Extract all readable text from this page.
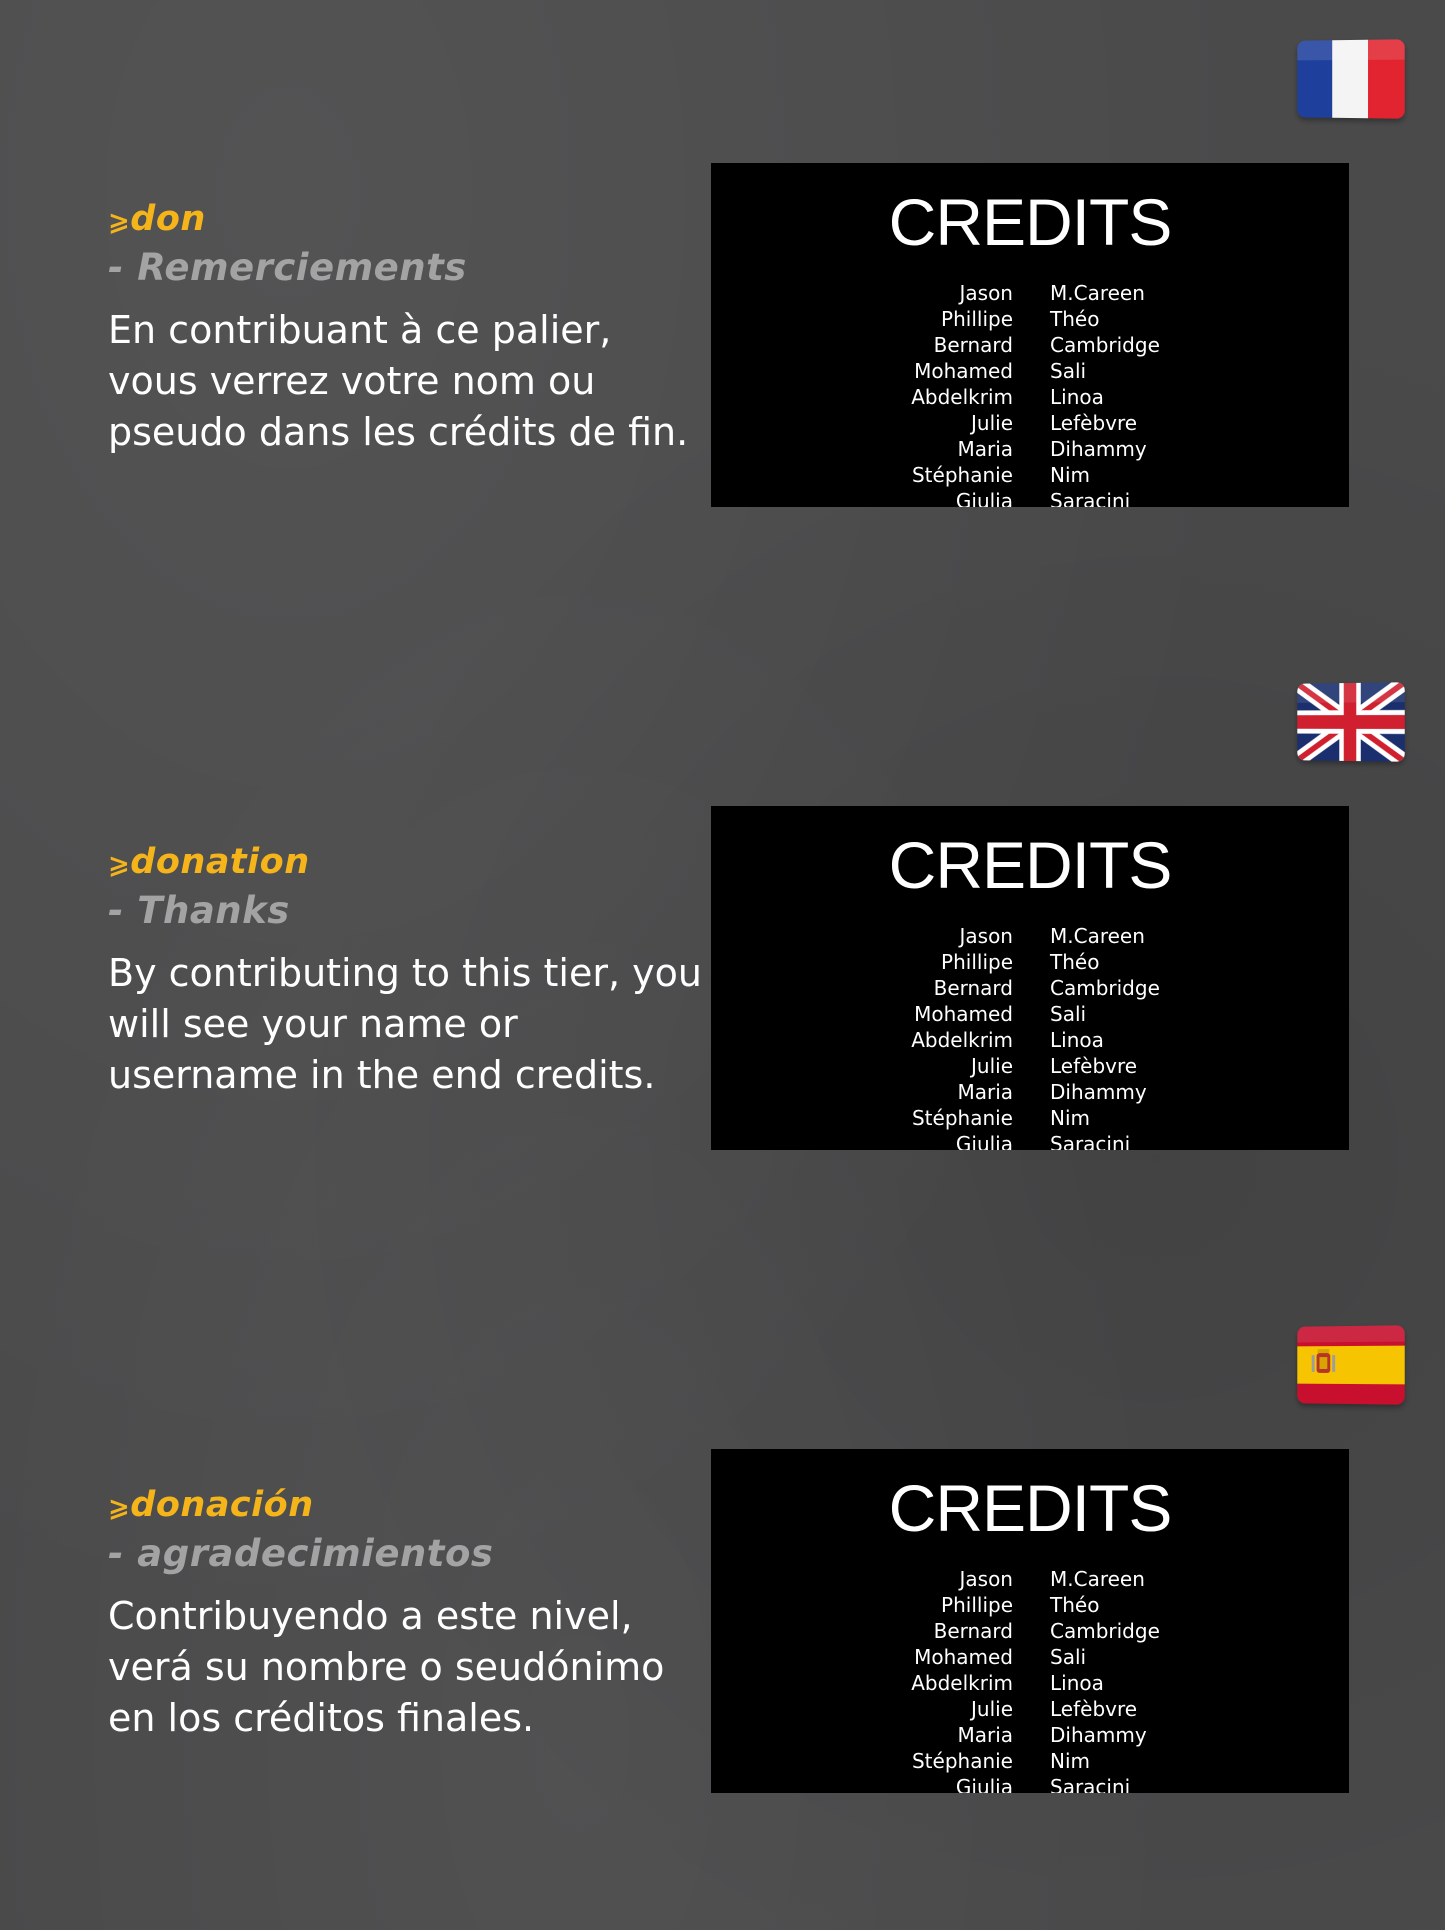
⩾don
- Remerciements
En contribuant à ce palier, vous verrez votre nom ou pseudo dans les crédits de fin.
CREDITS
Jason M.Careen
Phillipe Théo
Bernard Cambridge
Mohamed Sali
Abdelkrim Linoa
Julie Lefèbvre
Maria Dihammy
Stéphanie Nim
Giulia Saracini
⩾donation
- Thanks
By contributing to this tier, you will see your name or username in the end credits.
CREDITS
Jason M.Careen
Phillipe Théo
Bernard Cambridge
Mohamed Sali
Abdelkrim Linoa
Julie Lefèbvre
Maria Dihammy
Stéphanie Nim
Giulia Saracini
⩾donación
- agradecimientos
Contribuyendo a este nivel, verá su nombre o seudónimo en los créditos finales.
CREDITS
Jason M.Careen
Phillipe Théo
Bernard Cambridge
Mohamed Sali
Abdelkrim Linoa
Julie Lefèbvre
Maria Dihammy
Stéphanie Nim
Giulia Saracini
